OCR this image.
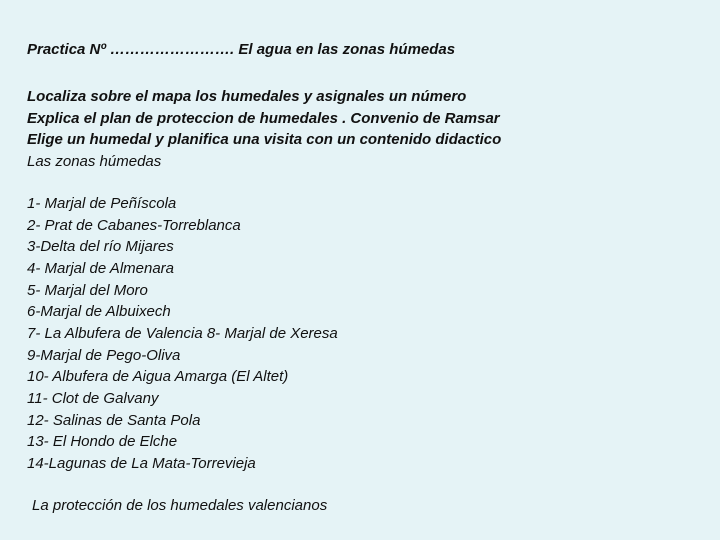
Practica Nº ……………………. El agua en las zonas húmedas
Localiza sobre el mapa los humedales y asignales un número
Explica el plan de proteccion de humedales . Convenio de Ramsar
Elige un humedal y planifica una visita con un contenido didactico
Las zonas húmedas
1- Marjal de Peñíscola
2- Prat de Cabanes-Torreblanca
3-Delta del río Mijares
4- Marjal de Almenara
5- Marjal del Moro
6-Marjal de Albuixech
7- La Albufera de Valencia 8- Marjal de Xeresa
9-Marjal de Pego-Oliva
10- Albufera de Aigua Amarga (El Altet)
11- Clot de Galvany
12- Salinas de Santa Pola
13- El Hondo de Elche
14-Lagunas de La Mata-Torrevieja
La protección de los humedales valencianos
